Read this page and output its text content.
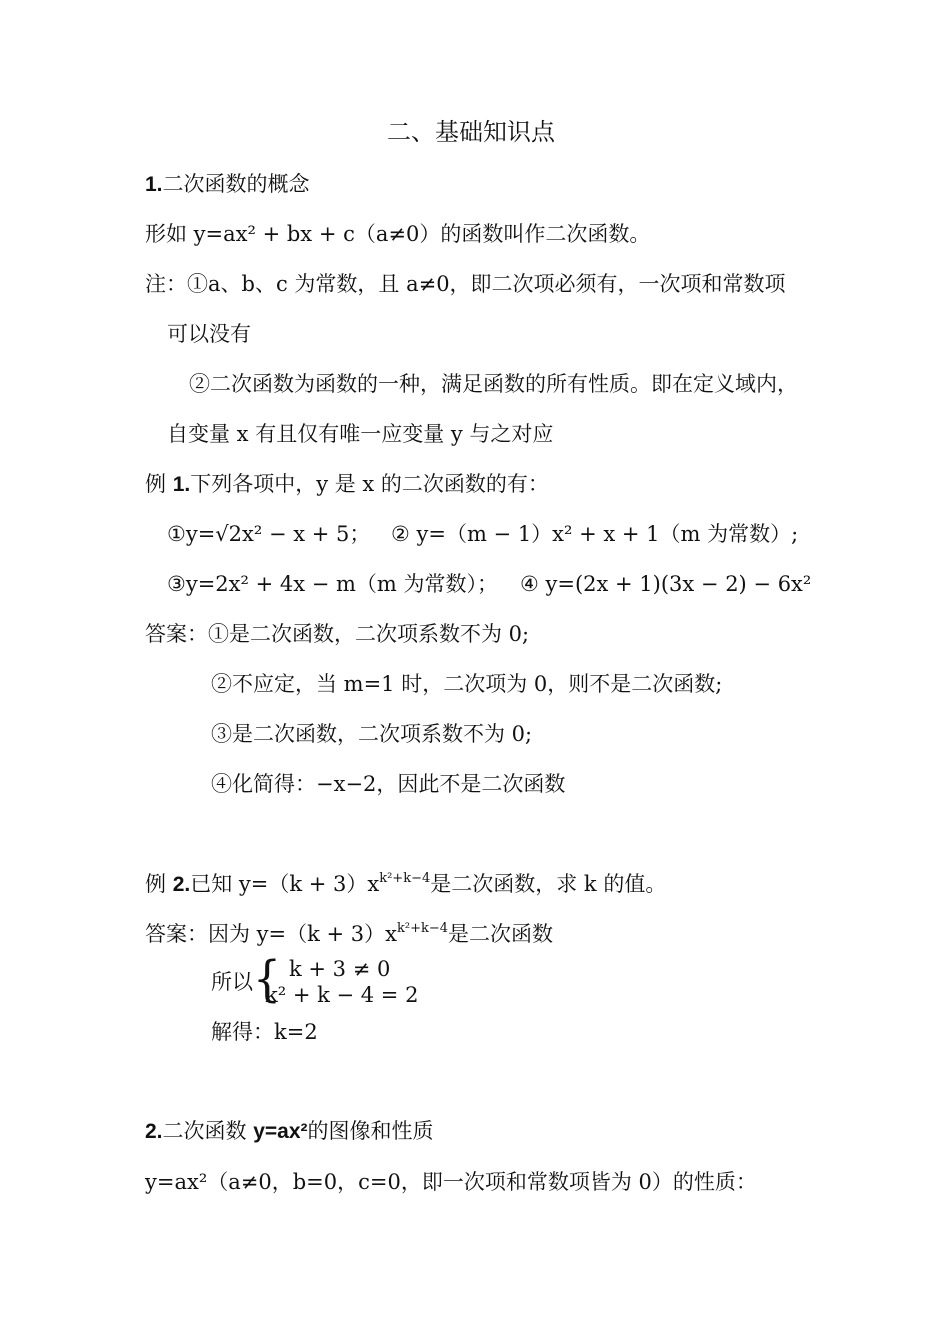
二、基础知识点
1.二次函数的概念
形如 y=ax² + bx + c（a≠0）的函数叫作二次函数。
注：①a、b、c 为常数，且 a≠0，即二次项必须有，一次项和常数项
可以没有
②二次函数为函数的一种，满足函数的所有性质。即在定义域内，
自变量 x 有且仅有唯一应变量 y 与之对应
例 1.下列各项中，y 是 x 的二次函数的有：
①y=√2x² − x + 5； ② y=（m − 1）x² + x + 1（m 为常数）;
③y=2x² + 4x − m（m 为常数）； ④ y=(2x + 1)(3x − 2) − 6x²
答案：①是二次函数，二次项系数不为 0;
②不应定，当 m=1 时，二次项为 0，则不是二次函数;
③是二次函数，二次项系数不为 0;
④化简得：−x−2，因此不是二次函数
例 2.已知 $y=(k + 3)x^{k^2+k-4}$是二次函数，求 k 的值。
答案：因为 $y=(k + 3)x^{k^2+k-4}$是二次函数
所以 { k + 3 ≠ 0
k² + k − 4 = 2
解得：k=2
2.二次函数 y=ax²的图像和性质
y=ax²（a≠0，b=0，c=0，即一次项和常数项皆为 0）的性质：
